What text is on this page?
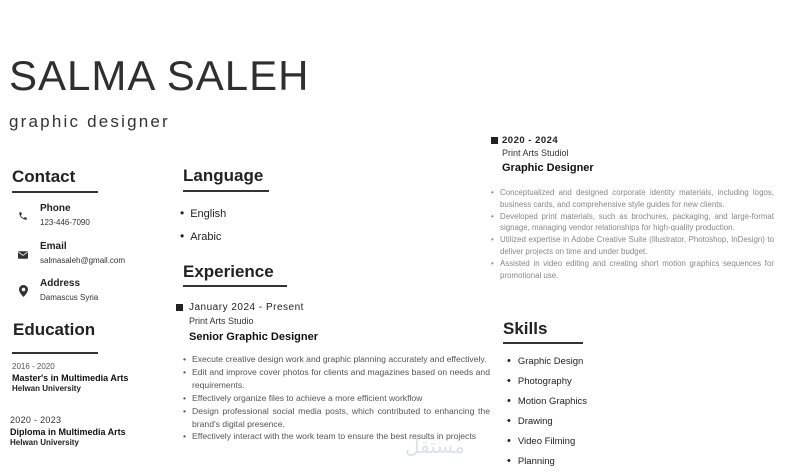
SALMA SALEH
graphic designer
Contact
Phone
123-446-7090
Email
salmasaleh@gmail.com
Address
Damascus Syria
Education
2016 - 2020
Master's in Multimedia Arts
Helwan University
2020 - 2023
Diploma in Multimedia Arts
Helwan University
Language
• English
• Arabic
Experience
January 2024 - Present
Print Arts Studio
Senior Graphic Designer
• Execute creative design work and graphic planning accurately and effectively.
• Edit and improve cover photos for clients and magazines based on needs and requirements.
• Effectively organize files to achieve a more efficient workflow
• Design professional social media posts, which contributed to enhancing the brand's digital presence.
• Effectively interact with the work team to ensure the best results in projects
2020 - 2024
Print Arts Studiol
Graphic Designer
• Conceptualized and designed corporate identity materials, including logos, business cards, and comprehensive style guides for new clients.
• Developed print materials, such as brochures, packaging, and large-format signage, managing vendor relationships for high-quality production.
• Utilized expertise in Adobe Creative Suite (Illustrator, Photoshop, InDesign) to deliver projects on time and under budget.
• Assisted in video editing and creating short motion graphics sequences for promotional use.
Skills
• Graphic Design
• Photography
• Motion Graphics
• Drawing
• Video Filming
• Planning
مستقل
